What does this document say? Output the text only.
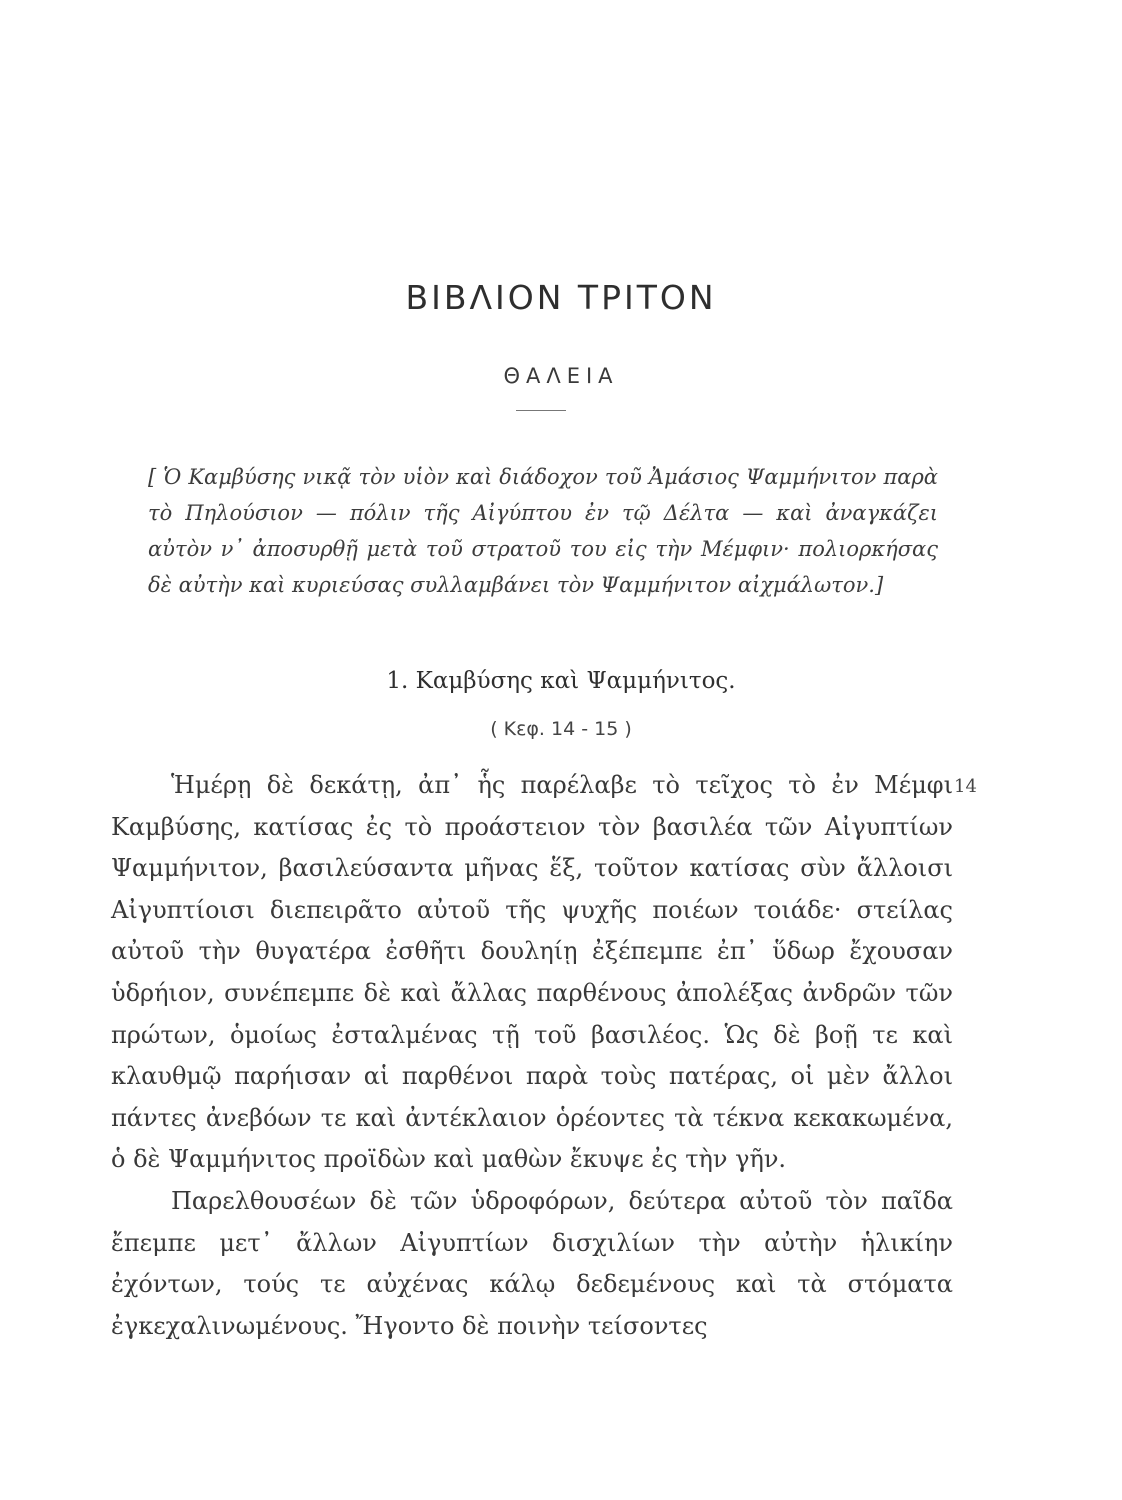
ΒΙΒΛΙΟΝ ΤΡΙΤΟΝ
ΘΑΛΕΙΑ

[ Ὁ Καμβύσης νικᾷ τὸν υἱὸν καὶ διάδοχον τοῦ Ἀμάσιος Ψαμμήνιτον παρὰ τὸ Πηλούσιον — πόλιν τῆς Αἰγύπτου ἐν τῷ Δέλτα — καὶ ἀναγκάζει αὐτὸν ν᾽ ἀποσυρθῇ μετὰ τοῦ στρατοῦ του εἰς τὴν Μέμφιν· πολιορκήσας δὲ αὐτὴν καὶ κυριεύσας συλλαμβάνει τὸν Ψαμμήνιτον αἰχμάλωτον.]

1. Καμβύσης καὶ Ψαμμήνιτος.
( Κεφ. 14 - 15 )
14

Ἡμέρῃ δὲ δεκάτῃ, ἀπ᾽ ἧς παρέλαβε τὸ τεῖχος τὸ ἐν Μέμφι Καμβύσης, κατίσας ἐς τὸ προάστειον τὸν βασιλέα τῶν Αἰγυπτίων Ψαμμήνιτον, βασιλεύσαντα μῆνας ἕξ, τοῦτον κατίσας σὺν ἄλλοισι Αἰγυπτίοισι διεπειρᾶτο αὐτοῦ τῆς ψυχῆς ποιέων τοιάδε· στείλας αὐτοῦ τὴν θυγατέρα ἐσθῆτι δουληίῃ ἐξέπεμπε ἐπ᾽ ὕδωρ ἔχουσαν ὑδρήιον, συνέπεμπε δὲ καὶ ἄλλας παρθένους ἀπολέξας ἀνδρῶν τῶν πρώτων, ὁμοίως ἐσταλμένας τῇ τοῦ βασιλέος. Ὡς δὲ βοῇ τε καὶ κλαυθμῷ παρήισαν αἱ παρθένοι παρὰ τοὺς πατέρας, οἱ μὲν ἄλλοι πάντες ἀνεβόων τε καὶ ἀντέκλαιον ὁρέοντες τὰ τέκνα κεκακωμένα, ὁ δὲ Ψαμμήνιτος προϊδὼν καὶ μαθὼν ἔκυψε ἐς τὴν γῆν.

Παρελθουσέων δὲ τῶν ὑδροφόρων, δεύτερα αὐτοῦ τὸν παῖδα ἔπεμπε μετ᾽ ἄλλων Αἰγυπτίων δισχιλίων τὴν αὐτὴν ἡλικίην ἐχόντων, τούς τε αὐχένας κάλῳ δεδεμένους καὶ τὰ στόματα ἐγκεχαλινωμένους. Ἤγοντο δὲ ποινὴν τείσοντες
